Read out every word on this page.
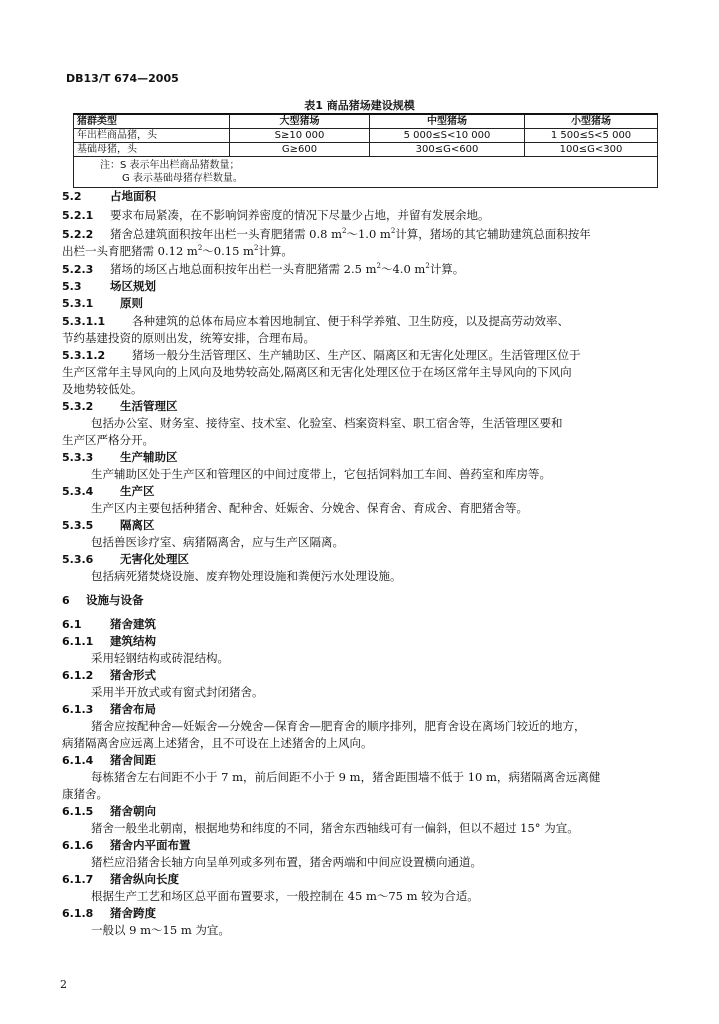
DB13/T 674—2005
表1 商品猪场建设规模
猪群类型	大型猪场	中型猪场	小型猪场
年出栏商品猪，头	S≥10 000	5 000≤S<10 000	1 500≤S<5 000
基础母猪，头	G≥600	300≤G<600	100≤G<300

注：S 表示年出栏商品猪数量；
G 表示基础母猪存栏数量。			
5.2 占地面积
5.2.1 要求布局紧凑，在不影响饲养密度的情况下尽量少占地，并留有发展余地。
5.2.2 猪舍总建筑面积按年出栏一头育肥猪需 0.8 $m^2\sim 1.0$ $m^2$计算，猪场的其它辅助建筑总面积按年
出栏一头育肥猪需 0.12 $m^2\sim 0.15$ $m^2$计算。
5.2.3 猪场的场区占地总面积按年出栏一头育肥猪需 2.5 $m^2\sim 4.0$ $m^2$计算。
5.3 场区规划
5.3.1 原则
5.3.1.1 各种建筑的总体布局应本着因地制宜、便于科学养殖、卫生防疫，以及提高劳动效率、
节约基建投资的原则出发，统筹安排，合理布局。
5.3.1.2 猪场一般分生活管理区、生产辅助区、生产区、隔离区和无害化处理区。生活管理区位于
生产区常年主导风向的上风向及地势较高处,隔离区和无害化处理区位于在场区常年主导风向的下风向
及地势较低处。
5.3.2 生活管理区
包括办公室、财务室、接待室、技术室、化验室、档案资料室、职工宿舍等，生活管理区要和
生产区严格分开。
5.3.3 生产辅助区
生产辅助区处于生产区和管理区的中间过度带上，它包括饲料加工车间、兽药室和库房等。
5.3.4 生产区
生产区内主要包括种猪舍、配种舍、妊娠舍、分娩舍、保育舍、育成舍、育肥猪舍等。
5.3.5 隔离区
包括兽医诊疗室、病猪隔离舍，应与生产区隔离。
5.3.6 无害化处理区
包括病死猪焚烧设施、废弃物处理设施和粪便污水处理设施。
6 设施与设备
6.1 猪舍建筑
6.1.1 建筑结构
采用轻钢结构或砖混结构。
6.1.2 猪舍形式
采用半开放式或有窗式封闭猪舍。
6.1.3 猪舍布局
猪舍应按配种舍—妊娠舍—分娩舍—保育舍—肥育舍的顺序排列，肥育舍设在离场门较近的地方，
病猪隔离舍应远离上述猪舍，且不可设在上述猪舍的上风向。
6.1.4 猪舍间距
每栋猪舍左右间距不小于 7 m，前后间距不小于 9 m，猪舍距围墙不低于 10 m，病猪隔离舍远离健
康猪舍。
6.1.5 猪舍朝向
猪舍一般坐北朝南，根据地势和纬度的不同，猪舍东西轴线可有一偏斜，但以不超过 15° 为宜。
6.1.6 猪舍内平面布置
猪栏应沿猪舍长轴方向呈单列或多列布置，猪舍两端和中间应设置横向通道。
6.1.7 猪舍纵向长度
根据生产工艺和场区总平面布置要求，一般控制在 45 m～75 m 较为合适。
6.1.8 猪舍跨度
一般以 9 m～15 m 为宜。
2
